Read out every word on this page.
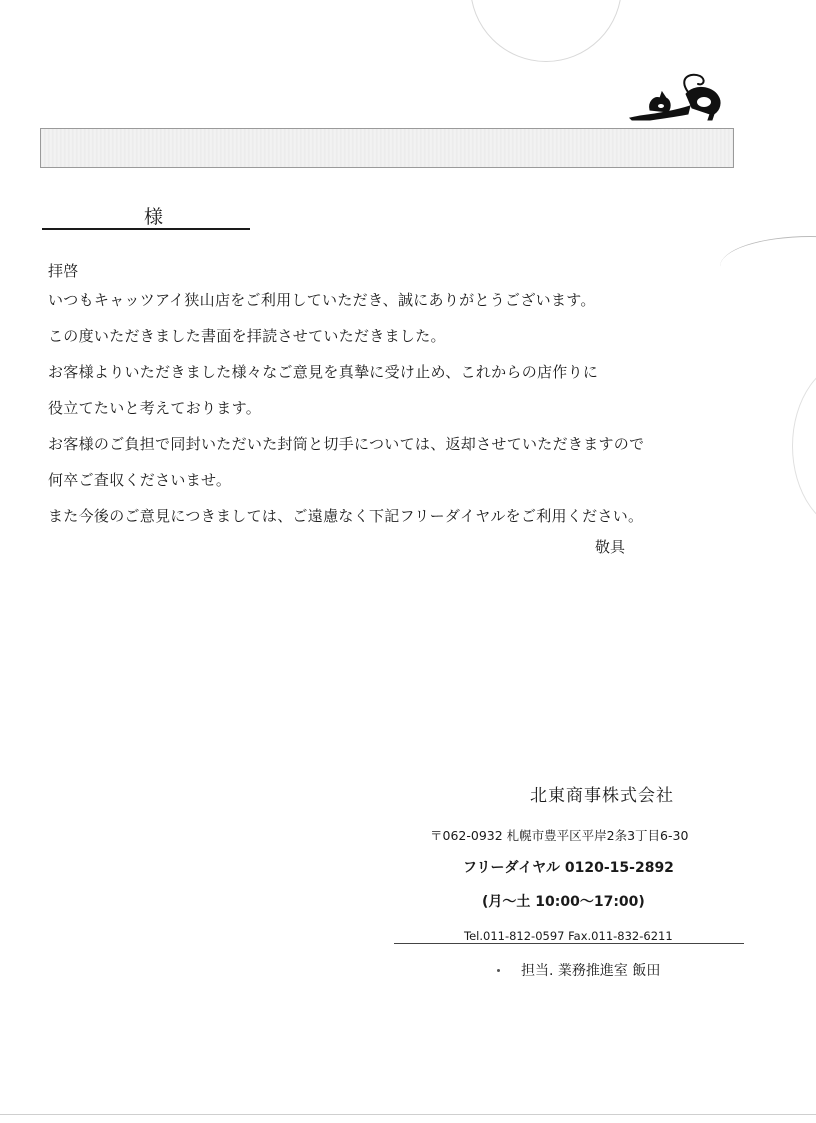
様
拝啓
いつもキャッツアイ狭山店をご利用していただき、誠にありがとうございます。
この度いただきました書面を拝読させていただきました。
お客様よりいただきました様々なご意見を真摯に受け止め、これからの店作りに
役立てたいと考えております。
お客様のご負担で同封いただいた封筒と切手については、返却させていただきますので
何卒ご査収くださいませ。
また今後のご意見につきましては、ご遠慮なく下記フリーダイヤルをご利用ください。
敬具
北東商事株式会社
〒062-0932 札幌市豊平区平岸2条3丁目6-30
フリーダイヤル 0120-15-2892
(月～土 10:00～17:00)
Tel.011-812-0597 Fax.011-832-6211
担当. 業務推進室 飯田
